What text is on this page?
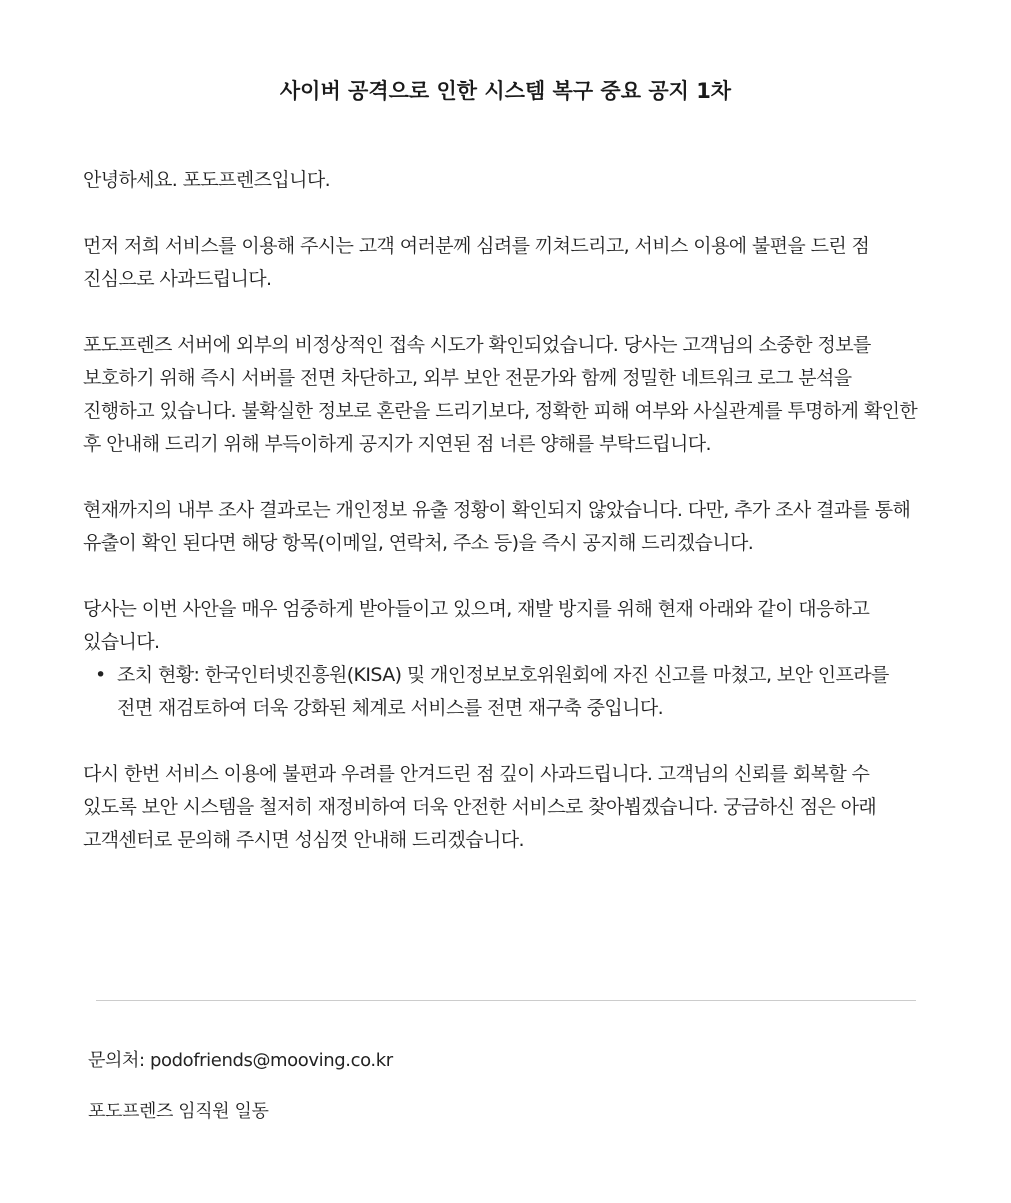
사이버 공격으로 인한 시스템 복구 중요 공지 1차

안녕하세요. 포도프렌즈입니다.

먼저 저희 서비스를 이용해 주시는 고객 여러분께 심려를 끼쳐드리고, 서비스 이용에 불편을 드린 점 진심으로 사과드립니다.

포도프렌즈 서버에 외부의 비정상적인 접속 시도가 확인되었습니다. 당사는 고객님의 소중한 정보를 보호하기 위해 즉시 서버를 전면 차단하고, 외부 보안 전문가와 함께 정밀한 네트워크 로그 분석을 진행하고 있습니다. 불확실한 정보로 혼란을 드리기보다, 정확한 피해 여부와 사실관계를 투명하게 확인한 후 안내해 드리기 위해 부득이하게 공지가 지연된 점 너른 양해를 부탁드립니다.

현재까지의 내부 조사 결과로는 개인정보 유출 정황이 확인되지 않았습니다. 다만, 추가 조사 결과를 통해 유출이 확인 된다면 해당 항목(이메일, 연락처, 주소 등)을 즉시 공지해 드리겠습니다.

당사는 이번 사안을 매우 엄중하게 받아들이고 있으며, 재발 방지를 위해 현재 아래와 같이 대응하고 있습니다.

• 조치 현황: 한국인터넷진흥원(KISA) 및 개인정보보호위원회에 자진 신고를 마쳤고, 보안 인프라를 전면 재검토하여 더욱 강화된 체계로 서비스를 전면 재구축 중입니다.

다시 한번 서비스 이용에 불편과 우려를 안겨드린 점 깊이 사과드립니다. 고객님의 신뢰를 회복할 수 있도록 보안 시스템을 철저히 재정비하여 더욱 안전한 서비스로 찾아뵙겠습니다. 궁금하신 점은 아래 고객센터로 문의해 주시면 성심껏 안내해 드리겠습니다.

문의처: podofriends@mooving.co.kr
포도프렌즈 임직원 일동
